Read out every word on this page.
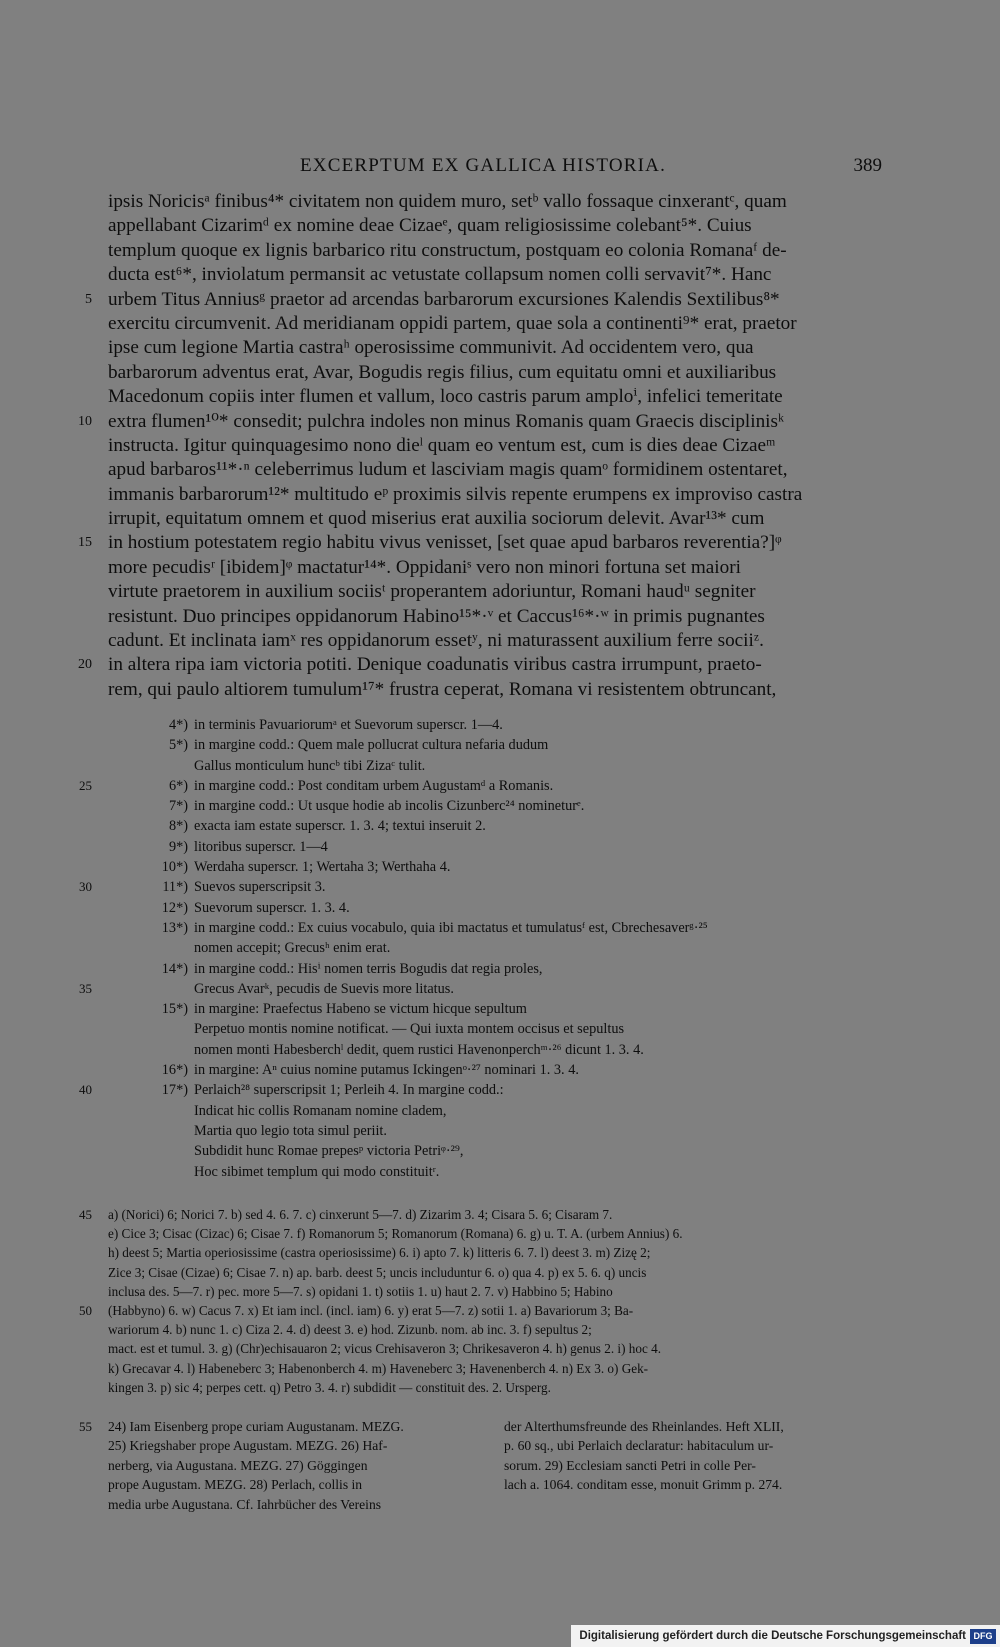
EXCERPTUM EX GALLICA HISTORIA.	389
ipsis Noricisᵃ finibus⁴* civitatem non quidem muro, setᵇ vallo fossaque cinxerantᶜ, quam
appellabant Cizarimᵈ ex nomine deae Cizaeᵉ, quam religiosissime colebant⁵*. Cuius
templum quoque ex lignis barbarico ritu constructum, postquam eo colonia Romanaᶠ de-
ducta est⁶*, inviolatum permansit ac vetustate collapsum nomen colli servavit⁷*. Hanc
5 urbem Titus Anniusᵍ praetor ad arcendas barbarorum excursiones Kalendis Sextilibus⁸*
exercitu circumvenit. Ad meridianam oppidi partem, quae sola a continenti⁹* erat, praetor
ipse cum legione Martia castraʰ operosissime communivit. Ad occidentem vero, qua
barbarorum adventus erat, Avar, Bogudis regis filius, cum equitatu omni et auxiliaribus
Macedonum copiis inter flumen et vallum, loco castris parum amploⁱ, infelici temeritate
10 extra flumen¹⁰* consedit; pulchra indoles non minus Romanis quam Graecis disciplinisᵏ
instructa. Igitur quinquagesimo nono dieˡ quam eo ventum est, cum is dies deae Cizaeᵐ
apud barbaros¹¹*·ⁿ celeberrimus ludum et lasciviam magis quamᵒ formidinem ostentaret,
immanis barbarorum¹²* multitudo eᵖ proximis silvis repente erumpens ex improviso castra
irrupit, equitatum omnem et quod miserius erat auxilia sociorum delevit. Avar¹³* cum
15 in hostium potestatem regio habitu vivus venisset, [set quae apud barbaros reverentia?]ᵠ
more pecudisʳ [ibidem]ᵠ mactatur¹⁴*. Oppidaniˢ vero non minori fortuna set maiori
virtute praetorem in auxilium sociisᵗ properantem adoriuntur, Romani haudᵘ segniter
resistunt. Duo principes oppidanorum Habino¹⁵*·ᵛ et Caccus¹⁶*·ʷ in primis pugnantes
cadunt. Et inclinata iamˣ res oppidanorum essetʸ, ni maturassent auxilium ferre sociiᶻ.
20 in altera ripa iam victoria potiti. Denique coadunatis viribus castra irrumpunt, praeto-
rem, qui paulo altiorem tumulum¹⁷* frustra ceperat, Romana vi resistentem obtruncant,
4*) in terminis Pavuariorumᵃ et Suevorum superscr. 1—4.
5*) in margine codd.: Quem male pollucrat cultura nefaria dudum
Gallus monticulum huncᵇ tibi Zizaᶜ tulit.
25	6*) in margine codd.: Post conditam urbem Augustamᵈ a Romanis.
7*) in margine codd.: Ut usque hodie ab incolis Cizunberc²⁴ nomineturᵉ.
8*) exacta iam estate superscr. 1. 3. 4; textui inseruit 2.
9*) litoribus superscr. 1—4
10*) Werdaha superscr. 1; Wertaha 3; Werthaha 4.
30	11*) Suevos superscripsit 3.
12*) Suevorum superscr. 1. 3. 4.
13*) in margine codd.: Ex cuius vocabulo, quia ibi mactatus et tumulatusᶠ est, Cbrechesaverᵍ·²⁵
nomen accepit; Grecusʰ enim erat.
14*) in margine codd.: Hisⁱ nomen terris Bogudis dat regia proles,
35	Grecus Avarᵏ, pecudis de Suevis more litatus.
15*) in margine: Praefectus Habeno se victum hicque sepultum
Perpetuo montis nomine notificat. — Qui iuxta montem occisus et sepultus
nomen monti Habesberchˡ dedit, quem rustici Havenonperchᵐ·²⁶ dicunt 1. 3. 4.
16*) in margine: Aⁿ cuius nomine putamus Ickingenᵒ·²⁷ nominari 1. 3. 4.
40	17*) Perlaich²⁸ superscripsit 1; Perleih 4. In margine codd.:
Indicat hic collis Romanam nomine cladem,
Martia quo legio tota simul periit.
Subdidit hunc Romae prepesᵖ victoria Petriᵠ·²⁹,
Hoc sibimet templum qui modo constituitʳ.
45 a) (Norici) 6; Norici 7. b) sed 4. 6. 7. c) cinxerunt 5—7. d) Zizarim 3. 4; Cisara 5. 6; Cisaram 7.
e) Cice 3; Cisac (Cizac) 6; Cisae 7. f) Romanorum 5; Romanorum (Romana) 6. g) u. T. A. (urbem Annius) 6.
h) deest 5; Martia operiosissime (castra operiosissime) 6. i) apto 7. k) litteris 6. 7. l) deest 3. m) Zizę 2;
Zice 3; Cisae (Cizae) 6; Cisae 7. n) ap. barb. deest 5; uncis includuntur 6. o) qua 4. p) ex 5. 6. q) uncis
inclusa des. 5—7. r) pec. more 5—7. s) opidani 1. t) sotiis 1. u) haut 2. 7. v) Habbino 5; Habino
50 (Habbyno) 6. w) Cacus 7. x) Et iam incl. (incl. iam) 6. y) erat 5—7. z) sotii 1. a) Bavariorum 3; Ba-
wariorum 4. b) nunc 1. c) Ciza 2. 4. d) deest 3. e) hod. Zizunb. nom. ab inc. 3. f) sepultus 2;
mact. est et tumul. 3. g) (Chr)echisauaron 2; vicus Crehisaveron 3; Chrikesaveron 4. h) genus 2. i) hoc 4.
k) Grecavar 4. l) Habeneberc 3; Habenonberch 4. m) Haveneberc 3; Havenenberch 4. n) Ex 3. o) Gek-
kingen 3. p) sic 4; perpes cett. q) Petro 3. 4. r) subdidit — constituit des. 2. Ursperg.
55 24) Iam Eisenberg prope curiam Augustanam. MEZG.
25) Kriegshaber prope Augustam. MEZG. 26) Haf-
nerberg, via Augustana. MEZG. 27) Göggingen
prope Augustam. MEZG. 28) Perlach, collis in
media urbe Augustana. Cf. Iahrbücher des Vereins
der Alterthumsfreunde des Rheinlandes. Heft XLII,
p. 60 sq., ubi Perlaich declaratur: habitaculum ur-
sorum. 29) Ecclesiam sancti Petri in colle Per-
lach a. 1064. conditam esse, monuit Grimm p. 274.
Digitalisierung gefördert durch die Deutsche Forschungsgemeinschaft DFG
